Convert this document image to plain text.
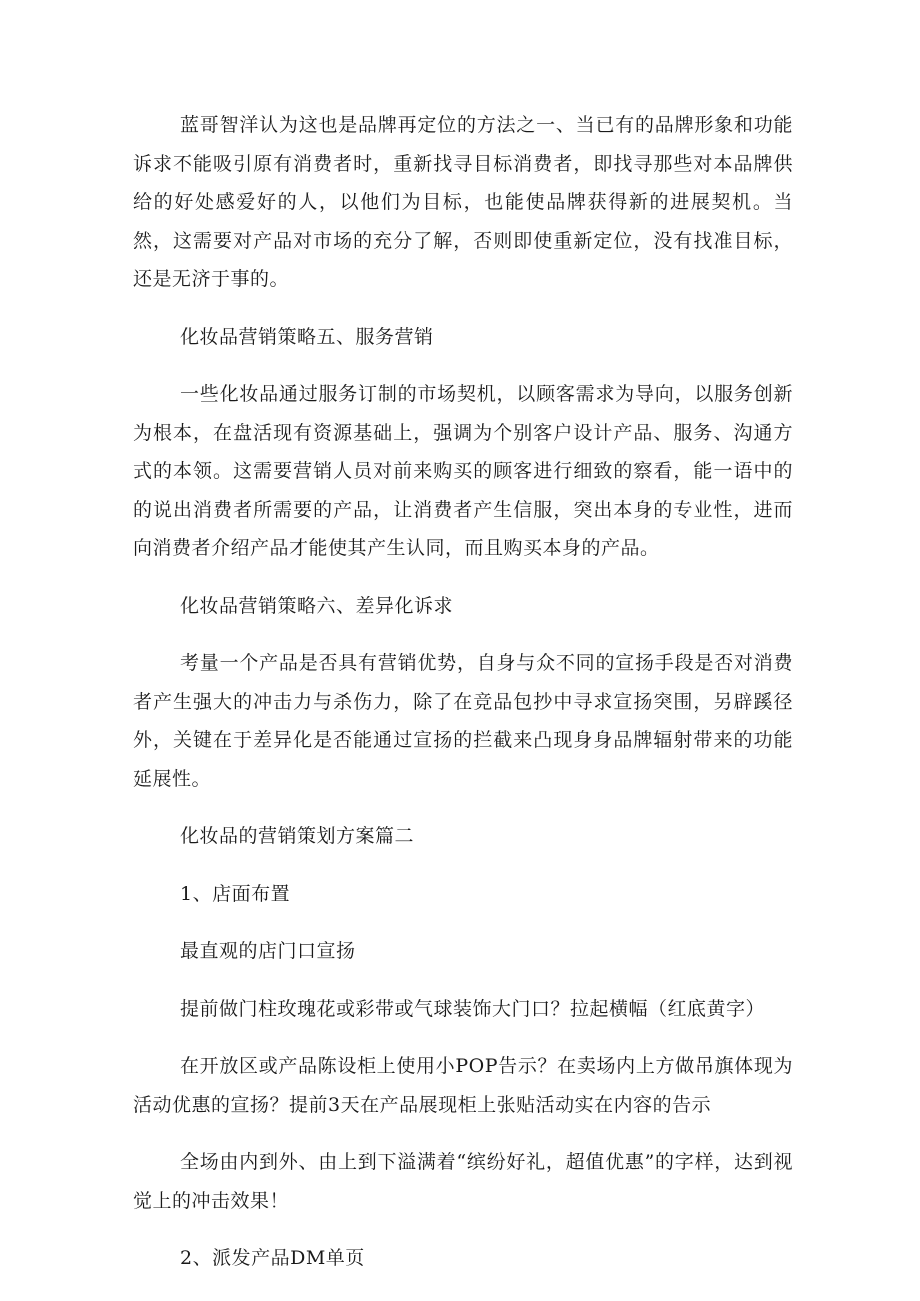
蓝哥智洋认为这也是品牌再定位的方法之一、当已有的品牌形象和功能诉求不能吸引原有消费者时，重新找寻目标消费者，即找寻那些对本品牌供给的好处感爱好的人，以他们为目标，也能使品牌获得新的进展契机。当然，这需要对产品对市场的充分了解，否则即使重新定位，没有找准目标，还是无济于事的。

化妆品营销策略五、服务营销

一些化妆品通过服务订制的市场契机，以顾客需求为导向，以服务创新为根本，在盘活现有资源基础上，强调为个别客户设计产品、服务、沟通方式的本领。这需要营销人员对前来购买的顾客进行细致的察看，能一语中的的说出消费者所需要的产品，让消费者产生信服，突出本身的专业性，进而向消费者介绍产品才能使其产生认同，而且购买本身的产品。

化妆品营销策略六、差异化诉求

考量一个产品是否具有营销优势，自身与众不同的宣扬手段是否对消费者产生强大的冲击力与杀伤力，除了在竞品包抄中寻求宣扬突围，另辟蹊径外，关键在于差异化是否能通过宣扬的拦截来凸现身身品牌辐射带来的功能延展性。

化妆品的营销策划方案篇二

1、店面布置

最直观的店门口宣扬

提前做门柱玫瑰花或彩带或气球装饰大门口？拉起横幅（红底黄字）

在开放区或产品陈设柜上使用小POP告示？在卖场内上方做吊旗体现为活动优惠的宣扬？提前3天在产品展现柜上张贴活动实在内容的告示

全场由内到外、由上到下溢满着“缤纷好礼，超值优惠”的字样，达到视觉上的冲击效果！

2、派发产品DM单页
